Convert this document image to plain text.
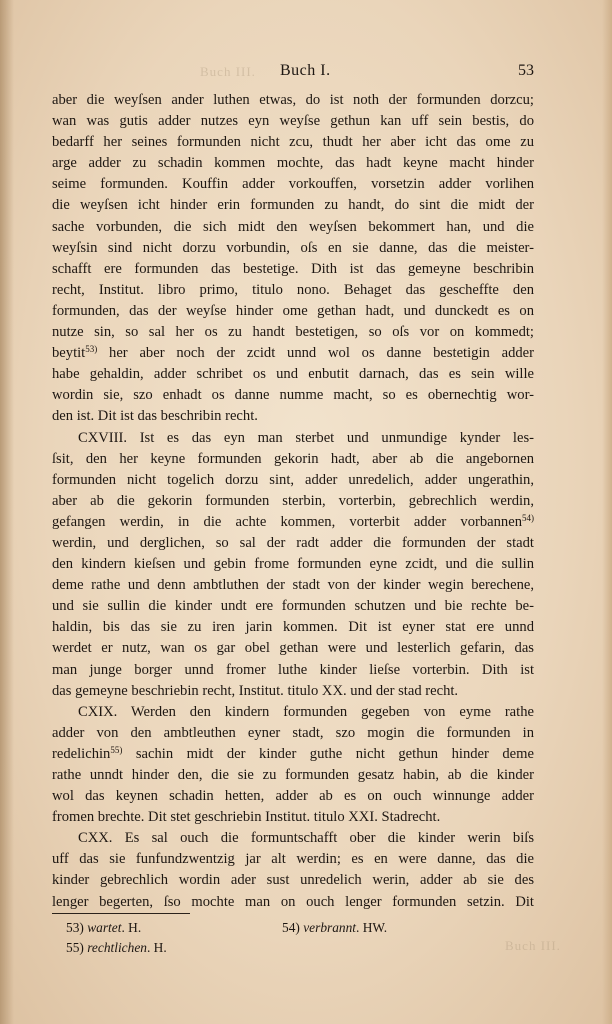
Buch III.
Buch III.
Buch I.	53
aber die weyſsen ander luthen etwas, do ist noth der formunden dorzcu;
wan was gutis adder nutzes eyn weyſse gethun kan uff sein bestis, do
bedarff her seines formunden nicht zcu, thudt her aber icht das ome zu
arge adder zu schadin kommen mochte, das hadt keyne macht hinder
seime formunden. Kouffin adder vorkouffen, vorsetzin adder vorlihen
die weyſsen icht hinder erin formunden zu handt, do sint die midt der
sache vorbunden, die sich midt den weyſsen bekommert han, und die
weyſsin sind nicht dorzu vorbundin, oſs en sie danne, das die meister-
schafft ere formunden das bestetige. Dith ist das gemeyne beschribin
recht, Institut. libro primo, titulo nono. Behaget das gescheffte den
formunden, das der weyſse hinder ome gethan hadt, und dunckedt es on
nutze sin, so sal her os zu handt bestetigen, so oſs vor on kommedt;
beytit$^{53)}$ her aber noch der zcidt unnd wol os danne bestetigin adder
habe gehaldin, adder schribet os und enbutit darnach, das es sein wille
wordin sie, szo enhadt os danne numme macht, so es obernechtig wor-
den ist. Dit ist das beschribin recht.
CXVIII. Ist es das eyn man sterbet und unmundige kynder les-
ſsit, den her keyne formunden gekorin hadt, aber ab die angebornen
formunden nicht togelich dorzu sint, adder unredelich, adder ungerathin,
aber ab die gekorin formunden sterbin, vorterbin, gebrechlich werdin,
gefangen werdin, in die achte kommen, vorterbit adder vorbannen$^{54)}$
werdin, und derglichen, so sal der radt adder die formunden der stadt
den kindern kieſsen und gebin frome formunden eyne zcidt, und die sullin
deme rathe und denn ambtluthen der stadt von der kinder wegin berechene,
und sie sullin die kinder undt ere formunden schutzen und bie rechte be-
haldin, bis das sie zu iren jarin kommen. Dit ist eyner stat ere unnd
werdet er nutz, wan os gar obel gethan were und lesterlich gefarin, das
man junge borger unnd fromer luthe kinder lieſse vorterbin. Dith ist
das gemeyne beschriebin recht, Institut. titulo XX. und der stad recht.
CXIX. Werden den kindern formunden gegeben von eyme rathe
adder von den ambtleuthen eyner stadt, szo mogin die formunden in
redelichin$^{55)}$ sachin midt der kinder guthe nicht gethun hinder deme
rathe unndt hinder den, die sie zu formunden gesatz habin, ab die kinder
wol das keynen schadin hetten, adder ab es on ouch winnunge adder
fromen brechte. Dit stet geschriebin Institut. titulo XXI. Stadrecht.
CXX. Es sal ouch die formuntschafft ober die kinder werin biſs
uff das sie funfundzwentzig jar alt werdin; es en were danne, das die
kinder gebrechlich wordin ader sust unredelich werin, adder ab sie des
lenger begerten, ſso mochte man on ouch lenger formunden setzin. Dit
53) wartet. H.	54) verbrannt. HW.
55) rechtlichen. H.
